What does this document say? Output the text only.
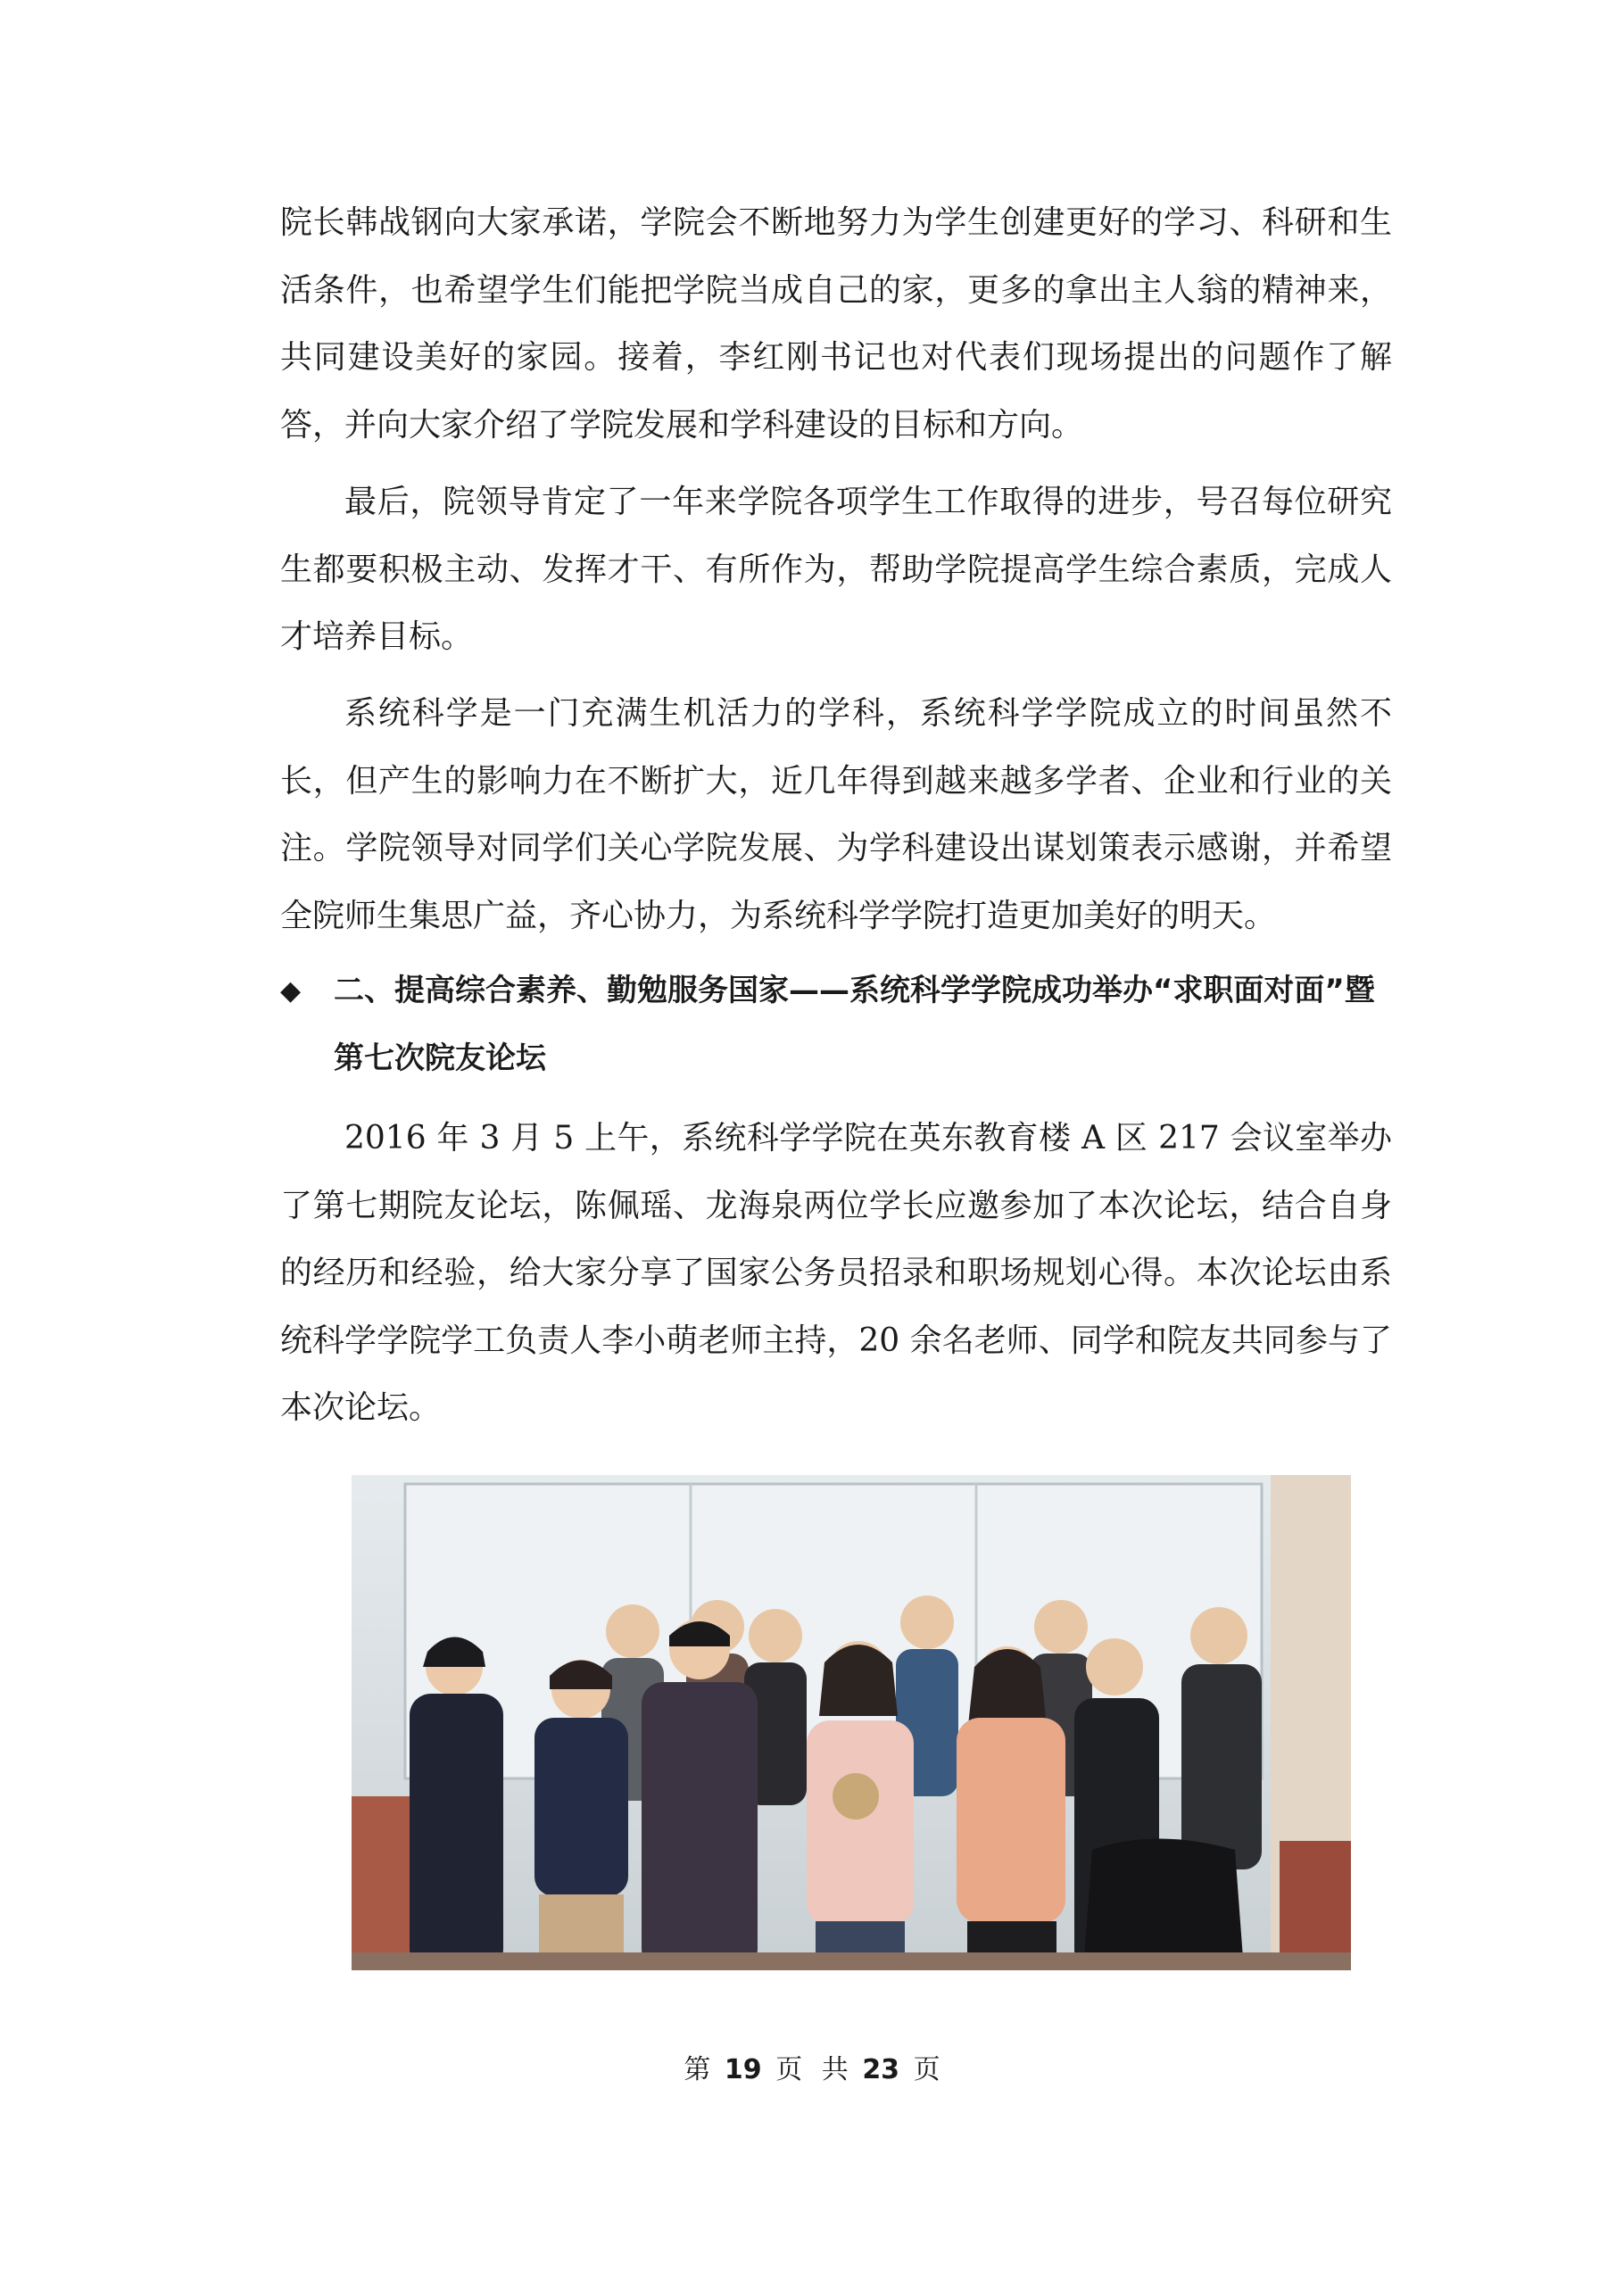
院长韩战钢向大家承诺，学院会不断地努力为学生创建更好的学习、科研和生活条件，也希望学生们能把学院当成自己的家，更多的拿出主人翁的精神来，共同建设美好的家园。接着，李红刚书记也对代表们现场提出的问题作了解答，并向大家介绍了学院发展和学科建设的目标和方向。

最后，院领导肯定了一年来学院各项学生工作取得的进步，号召每位研究生都要积极主动、发挥才干、有所作为，帮助学院提高学生综合素质，完成人才培养目标。

系统科学是一门充满生机活力的学科，系统科学学院成立的时间虽然不长，但产生的影响力在不断扩大，近几年得到越来越多学者、企业和行业的关注。学院领导对同学们关心学院发展、为学科建设出谋划策表示感谢，并希望全院师生集思广益，齐心协力，为系统科学学院打造更加美好的明天。

◆	二、提高综合素养、勤勉服务国家——系统科学学院成功举办“求职面对面”暨第七次院友论坛

2016 年 3 月 5 上午，系统科学学院在英东教育楼 A 区 217 会议室举办了第七期院友论坛，陈佩瑶、龙海泉两位学长应邀参加了本次论坛，结合自身的经历和经验，给大家分享了国家公务员招录和职场规划心得。本次论坛由系统科学学院学工负责人李小萌老师主持，20 余名老师、同学和院友共同参与了本次论坛。

第 19 页 共 23 页
